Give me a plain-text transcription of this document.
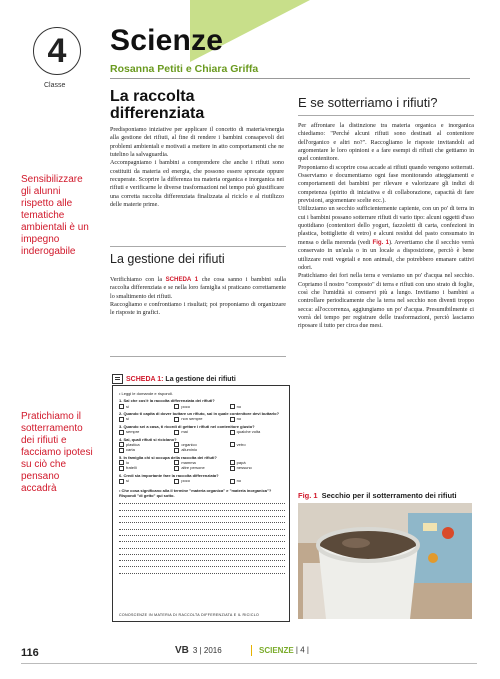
4
Classe
Scienze
Rosanna Petiti e Chiara Griffa
Sensibilizzare gli alunni rispetto alle tematiche ambientali è un impegno inderogabile
Pratichiamo il sotterramento dei rifiuti e facciamo ipotesi su ciò che pensano accadrà
La raccolta differenziata

Predisponiamo iniziative per applicare il concetto di materia/energia alla gestione dei rifiuti, al fine di rendere i bambini consapevoli dei problemi ambientali e motivati a mettere in atto comportamenti che ne tutelino la salvaguardia.

Accompagniamo i bambini a comprendere che anche i rifiuti sono costituiti da materia ed energia, che possono essere sprecate oppure recuperate. Scoprire la differenza tra materia organica e inorganica nei rifiuti e verificarne le diverse trasformazioni nel tempo può giustificare una corretta raccolta differenziata finalizzata al riciclo e al riutilizzo delle materie prime.

La gestione dei rifiuti

Verifichiamo con la SCHEDA 1 che cosa sanno i bambini sulla raccolta differenziata e se nella loro famiglia si praticano correttamente lo smaltimento dei rifiuti.

Raccogliamo e confrontiamo i risultati; poi proponiamo di organizzare le risposte in grafici.

SCHEDA 1: La gestione dei rifiuti
• Leggi le domande e rispondi.
1. Sai che cos'è la raccolta differenziata dei rifiuti?
sì	poco	no
2. Quando ti capita di dover buttare un rifiuto, sai in quale contenitore devi buttarlo?
sì	non sempre	no
3. Quando sei a casa, ti ricordi di gettare i rifiuti nel contenitore giusto?
sempre	mai	qualche volta
4. Sai, quali rifiuti si riciclano?
plastica	organico	vetro
carta	alluminio
5. In famiglia chi si occupa della raccolta dei rifiuti?
io	mamma	papà
fratelli	altre persone	nessuno
6. Credi sia importante fare la raccolta differenziata?
sì	poco	no
• Che cosa significano alla il termine "materia organica" e "materia inorganica"? Rispondi "di getto" qui sotto.
CONOSCENZE IN MATERIA DI RACCOLTA DIFFERENZIATA E IL RICICLO
E se sotterriamo i rifiuti?

Per affrontare la distinzione tra materia organica e inorganica chiediamo: "Perché alcuni rifiuti sono destinati al contenitore dell'organico e altri no?". Raccogliamo le risposte invitandoli ad argomentare le loro opinioni e a fare esempi di rifiuti che gettiamo in quel contenitore.

Proponiamo di scoprire cosa accade ai rifiuti quando vengono sotterrati. Osserviamo e documentiamo ogni fase monitorando atteggiamenti e comportamenti dei bambini per rilevare e valorizzare gli indizi di competenza (spirito di iniziativa e di collaborazione, capacità di fare previsioni, argomentare scelte ecc.).

Utilizziamo un secchio sufficientemente capiente, con un po' di terra in cui i bambini possano sotterrare rifiuti di vario tipo: alcuni oggetti d'uso quotidiano (contenitori dello yogurt, fazzoletti di carta, confezioni in plastica, bottigliette di vetro) e alcuni residui del pasto consumato in mensa o della merenda (vedi Fig. 1). Avvertiamo che il secchio verrà conservato in un'aula o in un locale a disposizione, perciò è bene utilizzare resti vegetali e non animali, che potrebbero emanare cattivi odori.

Pratichiamo dei fori nella terra e versiamo un po' d'acqua nel secchio. Copriamo il nostro "composto" di terra e rifiuti con uno strato di foglie, così che l'umidità si conservi più a lungo. Invitiamo i bambini a controllare periodicamente che la terra nel secchio non diventi troppo secca: all'occorrenza, aggiungiamo un po' d'acqua. Presumibilmente ci vorrà del tempo per registrare delle trasformazioni, perciò lasciamo riposare il tutto per circa due mesi.

Fig. 1 Secchio per il sotterramento dei rifiuti
116	VB 3 | 2016	SCIENZE | 4 |
